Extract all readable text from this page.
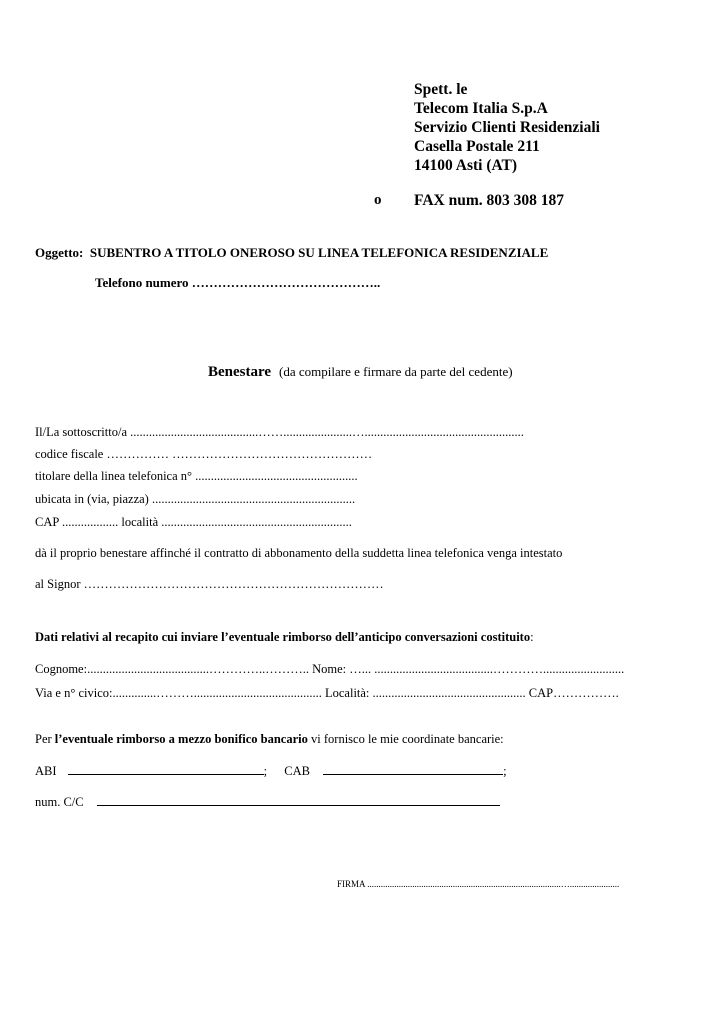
Spett. le
Telecom Italia S.p.A
Servizio Clienti Residenziali
Casella Postale 211
14100 Asti (AT)
o FAX num. 803 308 187
Oggetto: SUBENTRO A TITOLO ONEROSO SU LINEA TELEFONICA RESIDENZIALE
Telefono numero ……………………………………..
Benestare (da compilare e firmare da parte del cedente)
Il/La sottoscritto/a .........................................……......................…...................................................
codice fiscale …………… …………………………………………
titolare della linea telefonica n° ....................................................
ubicata in (via, piazza) .................................................................
CAP .................. località .............................................................
dà il proprio benestare affinché il contratto di abbonamento della suddetta linea telefonica venga intestato
al Signor ………………………………………………………………
Dati relativi al recapito cui inviare l’eventuale rimborso dell’anticipo conversazioni costituito:
Cognome:.......................................…………..……….. Nome: …... ......................................…………..........................
Via e n° civico:..............………......................................... Località: ................................................. CAP…………….
Per l’eventuale rimborso a mezzo bonifico bancario vi fornisco le mie coordinate bancarie:
ABI	; CAB	;
num. C/C
FIRMA ......................................................................................…......................
